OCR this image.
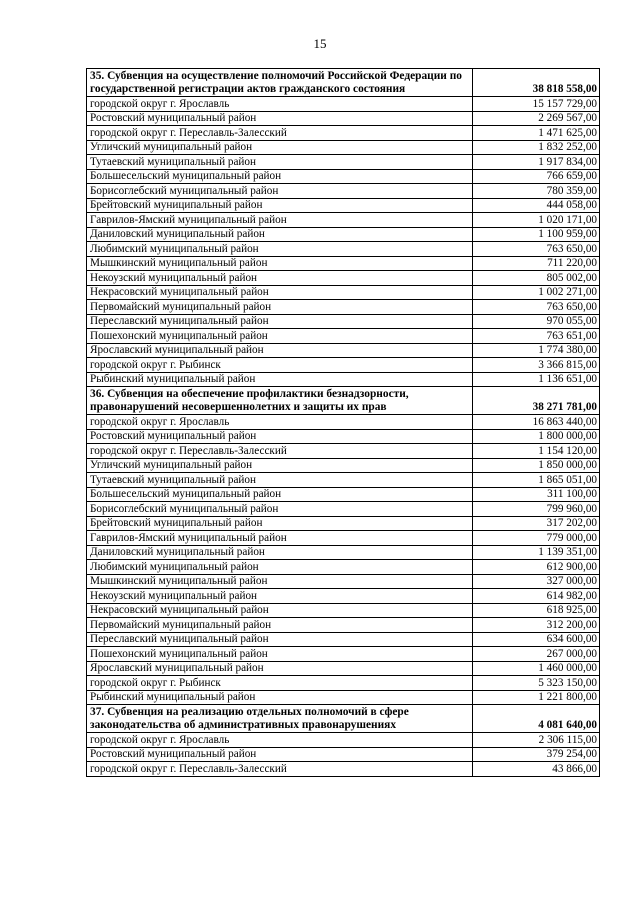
15
35. Субвенция на осуществление полномочий Российской Федерации по государственной регистрации актов гражданского состояния	38 818 558,00
городской округ г. Ярославль	15 157 729,00
Ростовский муниципальный район	2 269 567,00
городской округ г. Переславль-Залесский	1 471 625,00
Угличский муниципальный район	1 832 252,00
Тутаевский муниципальный район	1 917 834,00
Большесельский муниципальный район	766 659,00
Борисоглебский муниципальный район	780 359,00
Брейтовский муниципальный район	444 058,00
Гаврилов-Ямский муниципальный район	1 020 171,00
Даниловский муниципальный район	1 100 959,00
Любимский муниципальный район	763 650,00
Мышкинский муниципальный район	711 220,00
Некоузский муниципальный район	805 002,00
Некрасовский муниципальный район	1 002 271,00
Первомайский муниципальный район	763 650,00
Переславский муниципальный район	970 055,00
Пошехонский муниципальный район	763 651,00
Ярославский муниципальный район	1 774 380,00
городской округ г. Рыбинск	3 366 815,00
Рыбинский муниципальный район	1 136 651,00
36. Субвенция на обеспечение профилактики безнадзорности, правонарушений несовершеннолетних и защиты их прав	38 271 781,00
городской округ г. Ярославль	16 863 440,00
Ростовский муниципальный район	1 800 000,00
городской округ г. Переславль-Залесский	1 154 120,00
Угличский муниципальный район	1 850 000,00
Тутаевский муниципальный район	1 865 051,00
Большесельский муниципальный район	311 100,00
Борисоглебский муниципальный район	799 960,00
Брейтовский муниципальный район	317 202,00
Гаврилов-Ямский муниципальный район	779 000,00
Даниловский муниципальный район	1 139 351,00
Любимский муниципальный район	612 900,00
Мышкинский муниципальный район	327 000,00
Некоузский муниципальный район	614 982,00
Некрасовский муниципальный район	618 925,00
Первомайский муниципальный район	312 200,00
Переславский муниципальный район	634 600,00
Пошехонский муниципальный район	267 000,00
Ярославский муниципальный район	1 460 000,00
городской округ г. Рыбинск	5 323 150,00
Рыбинский муниципальный район	1 221 800,00
37. Субвенция на реализацию отдельных полномочий в сфере законодательства об административных правонарушениях	4 081 640,00
городской округ г. Ярославль	2 306 115,00
Ростовский муниципальный район	379 254,00
городской округ г. Переславль-Залесский	43 866,00
